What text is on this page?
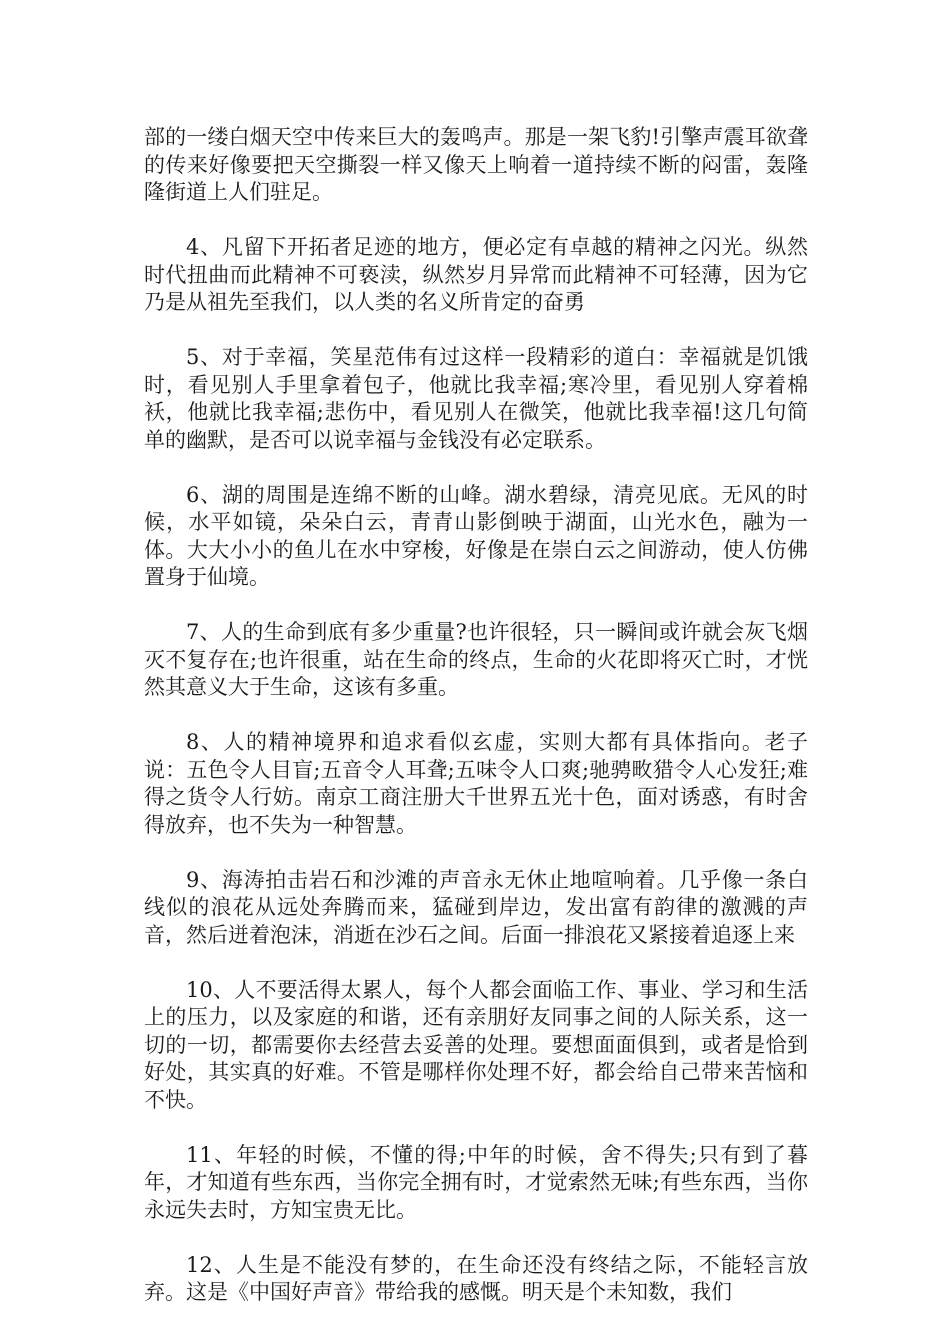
部的一缕白烟天空中传来巨大的轰鸣声。那是一架飞豹!引擎声震耳欲聋的传来好像要把天空撕裂一样又像天上响着一道持续不断的闷雷，轰隆隆街道上人们驻足。

4、凡留下开拓者足迹的地方，便必定有卓越的精神之闪光。纵然时代扭曲而此精神不可亵渎，纵然岁月异常而此精神不可轻薄，因为它乃是从祖先至我们，以人类的名义所肯定的奋勇

5、对于幸福，笑星范伟有过这样一段精彩的道白：幸福就是饥饿时，看见别人手里拿着包子，他就比我幸福;寒冷里，看见别人穿着棉袄，他就比我幸福;悲伤中，看见别人在微笑，他就比我幸福!这几句简单的幽默，是否可以说幸福与金钱没有必定联系。

6、湖的周围是连绵不断的山峰。湖水碧绿，清亮见底。无风的时候，水平如镜，朵朵白云，青青山影倒映于湖面，山光水色，融为一体。大大小小的鱼儿在水中穿梭，好像是在崇白云之间游动，使人仿佛置身于仙境。

7、人的生命到底有多少重量?也许很轻，只一瞬间或许就会灰飞烟灭不复存在;也许很重，站在生命的终点，生命的火花即将灭亡时，才恍然其意义大于生命，这该有多重。

8、人的精神境界和追求看似玄虚，实则大都有具体指向。老子说：五色令人目盲;五音令人耳聋;五味令人口爽;驰骋畋猎令人心发狂;难得之货令人行妨。南京工商注册大千世界五光十色，面对诱惑，有时舍得放弃，也不失为一种智慧。

9、海涛拍击岩石和沙滩的声音永无休止地喧响着。几乎像一条白线似的浪花从远处奔腾而来，猛碰到岸边，发出富有韵律的激溅的声音，然后迸着泡沫，消逝在沙石之间。后面一排浪花又紧接着追逐上来

10、人不要活得太累人，每个人都会面临工作、事业、学习和生活上的压力，以及家庭的和谐，还有亲朋好友同事之间的人际关系，这一切的一切，都需要你去经营去妥善的处理。要想面面俱到，或者是恰到好处，其实真的好难。不管是哪样你处理不好，都会给自己带来苦恼和不快。

11、年轻的时候，不懂的得;中年的时候，舍不得失;只有到了暮年，才知道有些东西，当你完全拥有时，才觉索然无味;有些东西，当你永远失去时，方知宝贵无比。

12、人生是不能没有梦的，在生命还没有终结之际，不能轻言放弃。这是《中国好声音》带给我的感慨。明天是个未知数，我们
